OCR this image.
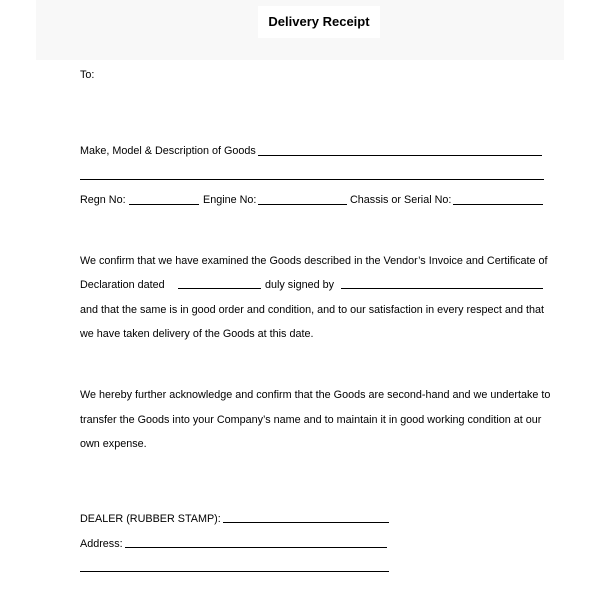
Delivery Receipt
To:
Make, Model & Description of Goods
Regn No:	Engine No:	Chassis or Serial No:
We confirm that we have examined the Goods described in the Vendor’s Invoice and Certificate of
Declaration dated	duly signed by
and that the same is in good order and condition, and to our satisfaction in every respect and that
we have taken delivery of the Goods at this date.
We hereby further acknowledge and confirm that the Goods are second-hand and we undertake to
transfer the Goods into your Company’s name and to maintain it in good working condition at our
own expense.
DEALER (RUBBER STAMP):
Address:
